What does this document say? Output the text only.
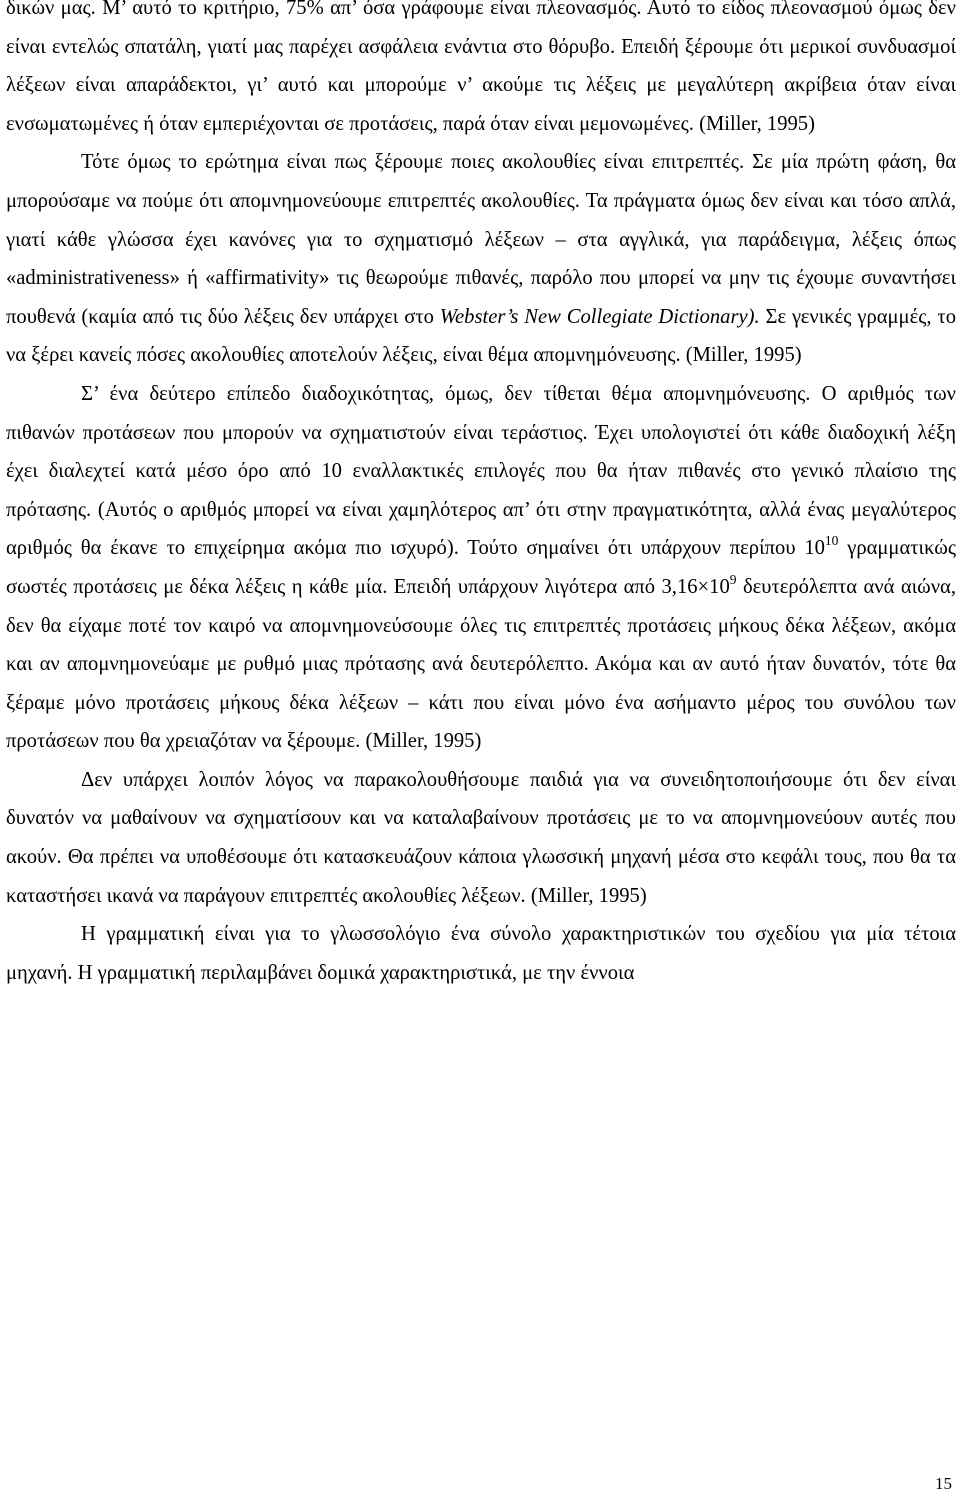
δικών μας. Μ’ αυτό το κριτήριο, 75% απ’ όσα γράφουμε είναι πλεονασμός. Αυτό το είδος πλεονασμού όμως δεν είναι εντελώς σπατάλη, γιατί μας παρέχει ασφάλεια ενάντια στο θόρυβο. Επειδή ξέρουμε ότι μερικοί συνδυασμοί λέξεων είναι απαράδεκτοι, γι’ αυτό και μπορούμε ν’ ακούμε τις λέξεις με μεγαλύτερη ακρίβεια όταν είναι ενσωματωμένες ή όταν εμπεριέχονται σε προτάσεις, παρά όταν είναι μεμονωμένες. (Miller, 1995)

Τότε όμως το ερώτημα είναι πως ξέρουμε ποιες ακολουθίες είναι επιτρεπτές. Σε μία πρώτη φάση, θα μπορούσαμε να πούμε ότι απομνημονεύουμε επιτρεπτές ακολουθίες. Τα πράγματα όμως δεν είναι και τόσο απλά, γιατί κάθε γλώσσα έχει κανόνες για το σχηματισμό λέξεων – στα αγγλικά, για παράδειγμα, λέξεις όπως «administrativeness» ή «affirmativity» τις θεωρούμε πιθανές, παρόλο που μπορεί να μην τις έχουμε συναντήσει πουθενά (καμία από τις δύο λέξεις δεν υπάρχει στο Webster’s New Collegiate Dictionary). Σε γενικές γραμμές, το να ξέρει κανείς πόσες ακολουθίες αποτελούν λέξεις, είναι θέμα απομνημόνευσης. (Miller, 1995)

Σ’ ένα δεύτερο επίπεδο διαδοχικότητας, όμως, δεν τίθεται θέμα απομνημόνευσης. Ο αριθμός των πιθανών προτάσεων που μπορούν να σχηματιστούν είναι τεράστιος. Έχει υπολογιστεί ότι κάθε διαδοχική λέξη έχει διαλεχτεί κατά μέσο όρο από 10 εναλλακτικές επιλογές που θα ήταν πιθανές στο γενικό πλαίσιο της πρότασης. (Αυτός ο αριθμός μπορεί να είναι χαμηλότερος απ’ ότι στην πραγματικότητα, αλλά ένας μεγαλύτερος αριθμός θα έκανε το επιχείρημα ακόμα πιο ισχυρό). Τούτο σημαίνει ότι υπάρχουν περίπου $10^{10}$ γραμματικώς σωστές προτάσεις με δέκα λέξεις η κάθε μία. Επειδή υπάρχουν λιγότερα από $3,16\times 10^9$ δευτερόλεπτα ανά αιώνα, δεν θα είχαμε ποτέ τον καιρό να απομνημονεύσουμε όλες τις επιτρεπτές προτάσεις μήκους δέκα λέξεων, ακόμα και αν απομνημονεύαμε με ρυθμό μιας πρότασης ανά δευτερόλεπτο. Ακόμα και αν αυτό ήταν δυνατόν, τότε θα ξέραμε μόνο προτάσεις μήκους δέκα λέξεων – κάτι που είναι μόνο ένα ασήμαντο μέρος του συνόλου των προτάσεων που θα χρειαζόταν να ξέρουμε. (Miller, 1995)

Δεν υπάρχει λοιπόν λόγος να παρακολουθήσουμε παιδιά για να συνειδητοποιήσουμε ότι δεν είναι δυνατόν να μαθαίνουν να σχηματίσουν και να καταλαβαίνουν προτάσεις με το να απομνημονεύουν αυτές που ακούν. Θα πρέπει να υποθέσουμε ότι κατασκευάζουν κάποια γλωσσική μηχανή μέσα στο κεφάλι τους, που θα τα καταστήσει ικανά να παράγουν επιτρεπτές ακολουθίες λέξεων. (Miller, 1995)

Η γραμματική είναι για το γλωσσολόγιο ένα σύνολο χαρακτηριστικών του σχεδίου για μία τέτοια μηχανή. Η γραμματική περιλαμβάνει δομικά χαρακτηριστικά, με την έννοια

15
